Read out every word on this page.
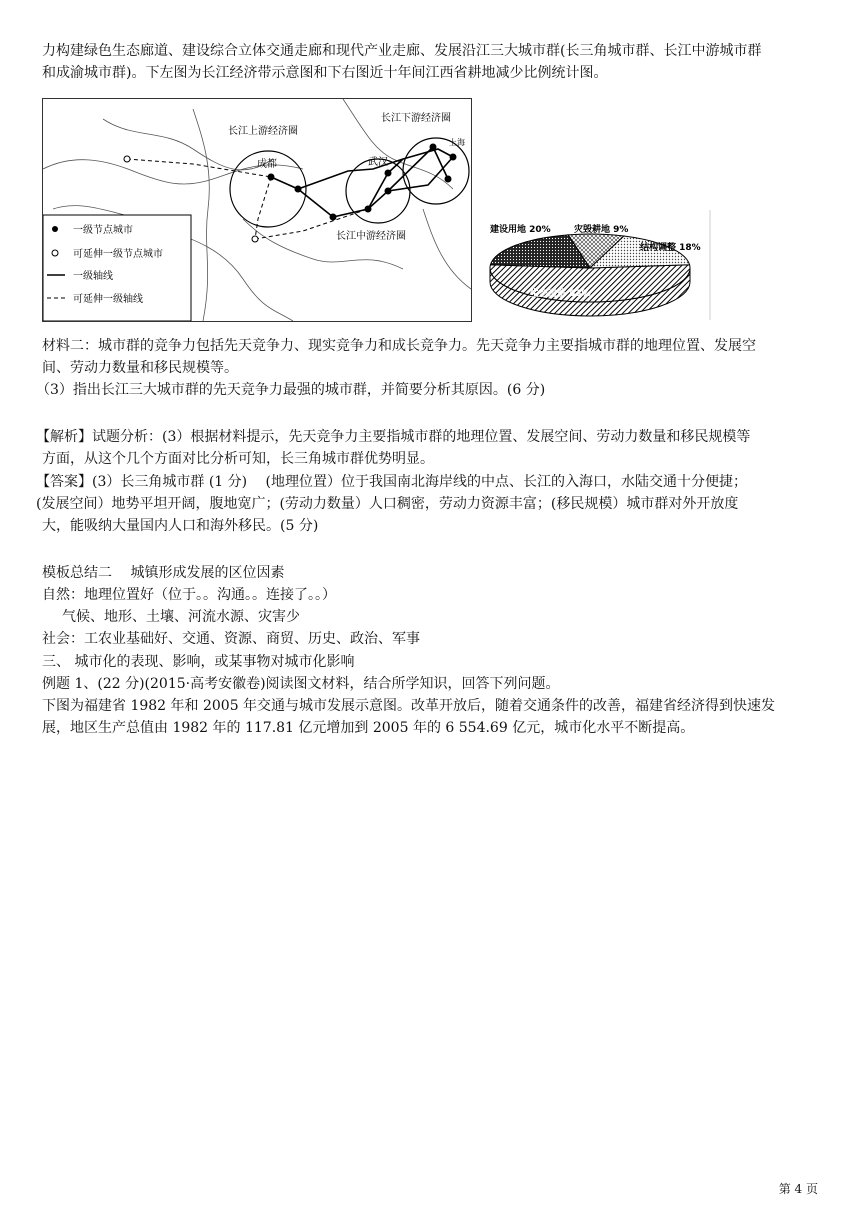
力构建绿色生态廊道、建设综合立体交通走廊和现代产业走廊、发展沿江三大城市群(长三角城市群、长江中游城市群

和成渝城市群)。下左图为长江经济带示意图和下右图近十年间江西省耕地减少比例统计图。

长江上游经济圈
长江下游经济圈
长江中游经济圈
成都	武汉
上海
一级节点城市
可延伸一级节点城市
一级轴线
可延伸一级轴线
建设用地 20%	灾毁耕地 9%
结构调整 18%
生态退耕 53%

材料二：城市群的竞争力包括先天竞争力、现实竞争力和成长竞争力。先天竞争力主要指城市群的地理位置、发展空

间、劳动力数量和移民规模等。

（3）指出长江三大城市群的先天竞争力最强的城市群，并简要分析其原因。(6 分)

【解析】试题分析：(3）根据材料提示，先天竞争力主要指城市群的地理位置、发展空间、劳动力数量和移民规模等

方面，从这个几个方面对比分析可知，长三角城市群优势明显。

【答案】(3）长三角城市群 (1 分)　 (地理位置）位于我国南北海岸线的中点、长江的入海口，水陆交通十分便捷；

(发展空间）地势平坦开阔，腹地宽广；(劳动力数量）人口稠密，劳动力资源丰富；(移民规模）城市群对外开放度

大，能吸纳大量国内人口和海外移民。(5 分)

模板总结二　 城镇形成发展的区位因素

自然：地理位置好（位于。。沟通。。连接了。。）

气候、地形、土壤、河流水源、灾害少

社会：工农业基础好、交通、资源、商贸、历史、政治、军事

三、 城市化的表现、影响，或某事物对城市化影响

例题 1、(22 分)(2015·高考安徽卷)阅读图文材料，结合所学知识，回答下列问题。

下图为福建省 1982 年和 2005 年交通与城市发展示意图。改革开放后，随着交通条件的改善，福建省经济得到快速发

展，地区生产总值由 1982 年的 117.81 亿元增加到 2005 年的 6 554.69 亿元，城市化水平不断提高。

第 4 页
